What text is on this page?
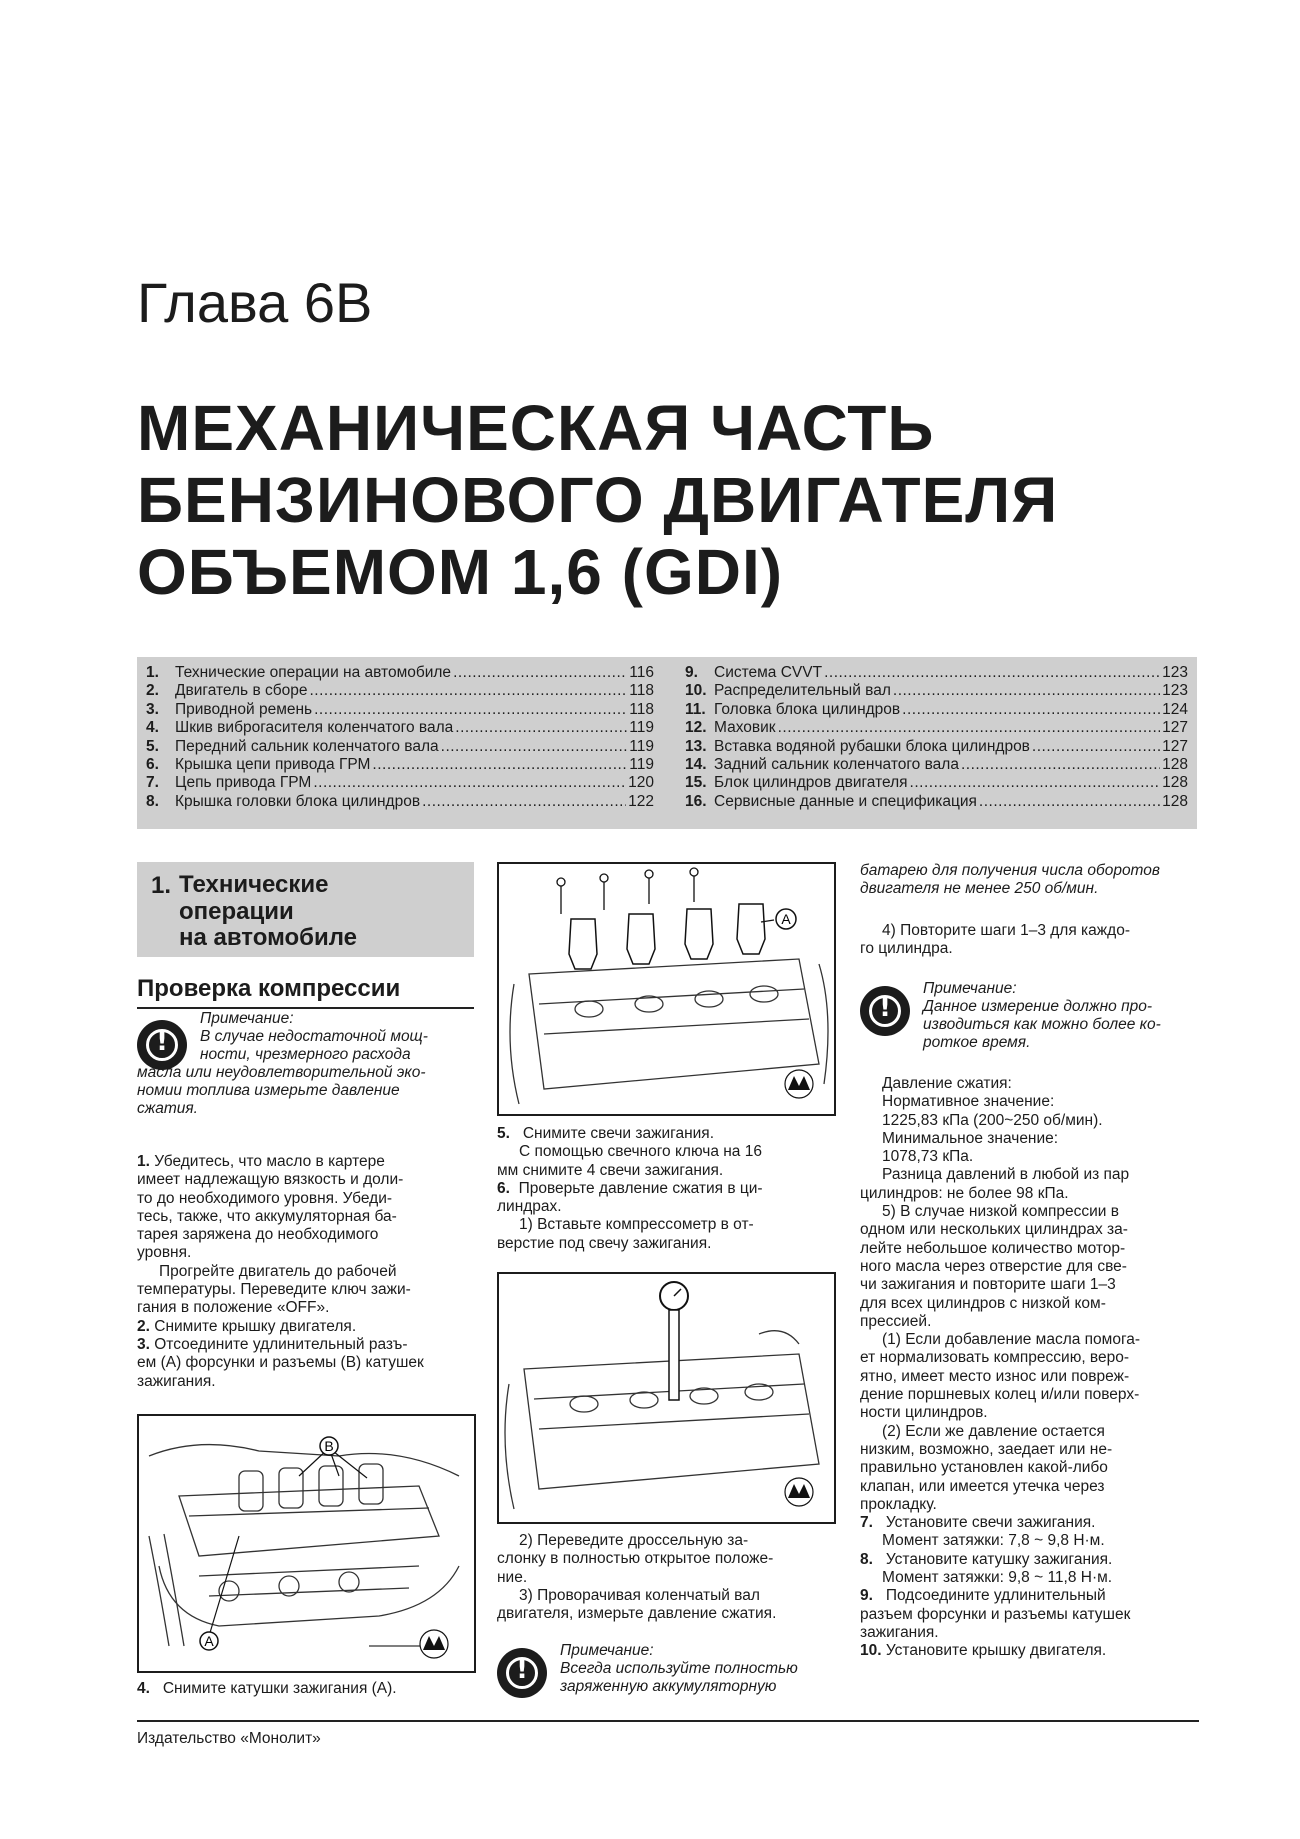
Глава 6В
МЕХАНИЧЕСКАЯ ЧАСТЬ
БЕНЗИНОВОГО ДВИГАТЕЛЯ
ОБЪЕМОМ 1,6 (GDI)
1.	Технические операции на автомобиле .....	116
2.	Двигатель в сборе .....	118
3.	Приводной ремень .....	118
4.	Шкив виброгасителя коленчатого вала .....	119
5.	Передний сальник коленчатого вала .....	119
6.	Крышка цепи привода ГРМ .....	119
7.	Цепь привода ГРМ .....	120
8.	Крышка головки блока цилиндров .....	122
9.	Система CVVT .....	123
10. Распределительный вал .....	123
11. Головка блока цилиндров .....	124
12. Маховик .....	127
13. Вставка водяной рубашки блока цилиндров .....	127
14. Задний сальник коленчатого вала .....	128
15. Блок цилиндров двигателя .....	128
16. Сервисные данные и спецификация .....	128
1. Технические
операции
на автомобиле
Проверка компрессии
!
Примечание:
В случае недостаточной мощ-
ности, чрезмерного расхода
масла или неудовлетворительной эко-
номии топлива измерьте давление
сжатия.

1. Убедитесь, что масло в картере

имеет надлежащую вязкость и доли-

то до необходимого уровня. Убеди-

тесь, также, что аккумуляторная ба-

тарея заряжена до необходимого

уровня.

Прогрейте двигатель до рабочей

температуры. Переведите ключ зажи-

гания в положение «OFF».

2. Снимите крышку двигателя.

3. Отсоедините удлинительный разъ-

ем (А) форсунки и разъемы (В) катушек

зажигания.

B
A

4. Снимите катушки зажигания (А).

A

5. Снимите свечи зажигания.

С помощью свечного ключа на 16

мм снимите 4 свечи зажигания.

6. Проверьте давление сжатия в ци-

линдрах.

1) Вставьте компрессометр в от-

верстие под свечу зажигания.

2) Переведите дроссельную за-

слонку в полностью открытое положе-

ние.

3) Проворачивая коленчатый вал

двигателя, измерьте давление сжатия.

!
Примечание:
Всегда используйте полностью
заряженную аккумуляторную

батарею для получения числа оборотов

двигателя не менее 250 об/мин.

4) Повторите шаги 1–3 для каждо-

го цилиндра.

!
Примечание:
Данное измерение должно про-
изводиться как можно более ко-
роткое время.

Давление сжатия:

Нормативное значение:

1225,83 кПа (200~250 об/мин).

Минимальное значение:

1078,73 кПа.

Разница давлений в любой из пар

цилиндров: не более 98 кПа.

5) В случае низкой компрессии в

одном или нескольких цилиндрах за-

лейте небольшое количество мотор-

ного масла через отверстие для све-

чи зажигания и повторите шаги 1–3

для всех цилиндров с низкой ком-

прессией.

(1) Если добавление масла помога-

ет нормализовать компрессию, веро-

ятно, имеет место износ или повреж-

дение поршневых колец и/или поверх-

ности цилиндров.

(2) Если же давление остается

низким, возможно, заедает или не-

правильно установлен какой-либо

клапан, или имеется утечка через

прокладку.

7. Установите свечи зажигания.

Момент затяжки: 7,8 ~ 9,8 Н·м.

8. Установите катушку зажигания.

Момент затяжки: 9,8 ~ 11,8 Н·м.

9. Подсоедините удлинительный

разъем форсунки и разъемы катушек

зажигания.

10. Установите крышку двигателя.

Издательство «Монолит»
